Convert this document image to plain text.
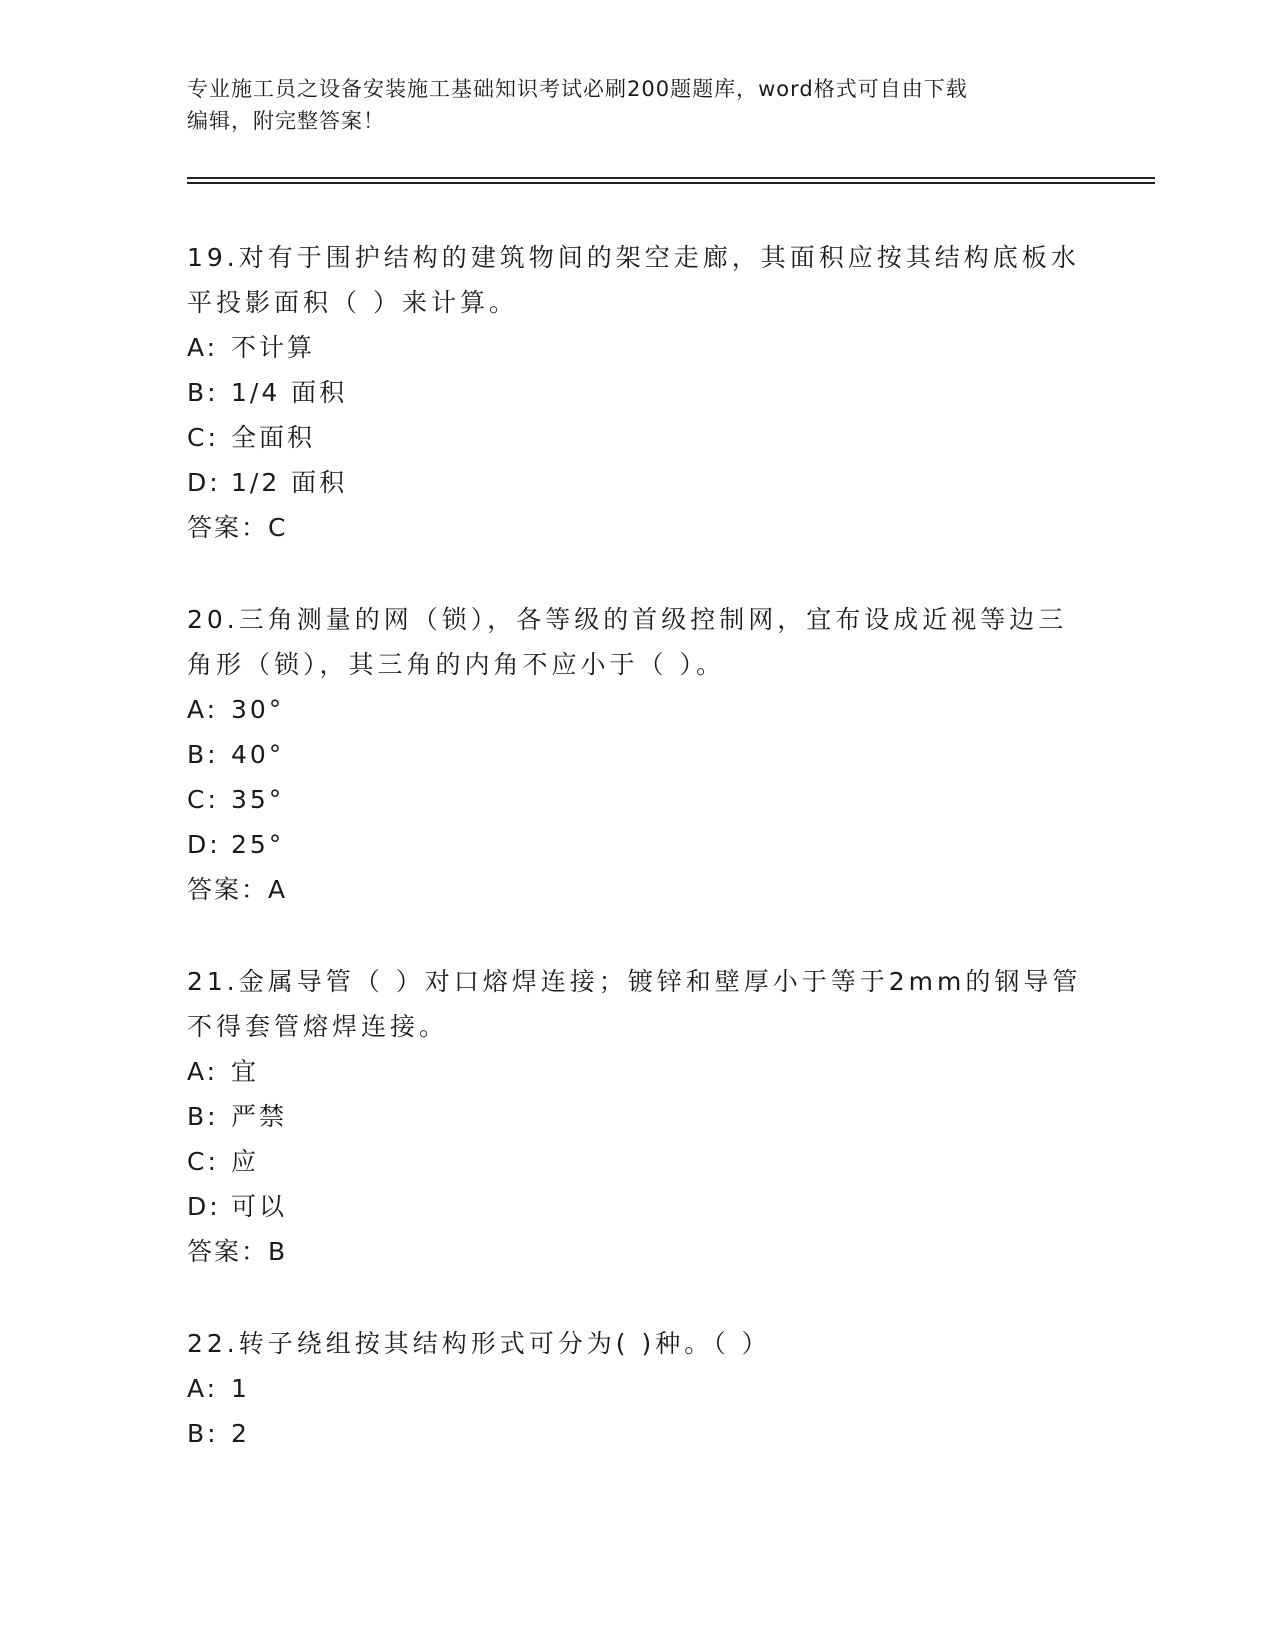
专业施工员之设备安装施工基础知识考试必刷200题题库，word格式可自由下载
编辑，附完整答案！

19.对有于围护结构的建筑物间的架空走廊，其面积应按其结构底板水

平投影面积（ ）来计算。

A: 不计算

B: 1/4 面积

C: 全面积

D: 1/2 面积

答案：C

20.三角测量的网（锁），各等级的首级控制网，宜布设成近视等边三

角形（锁），其三角的内角不应小于（ ）。

A: 30°

B: 40°

C: 35°

D: 25°

答案：A

21.金属导管（ ）对口熔焊连接；镀锌和壁厚小于等于2mm的钢导管

不得套管熔焊连接。

A: 宜

B: 严禁

C: 应

D: 可以

答案：B

22.转子绕组按其结构形式可分为( )种。（ ）

A: 1

B: 2
